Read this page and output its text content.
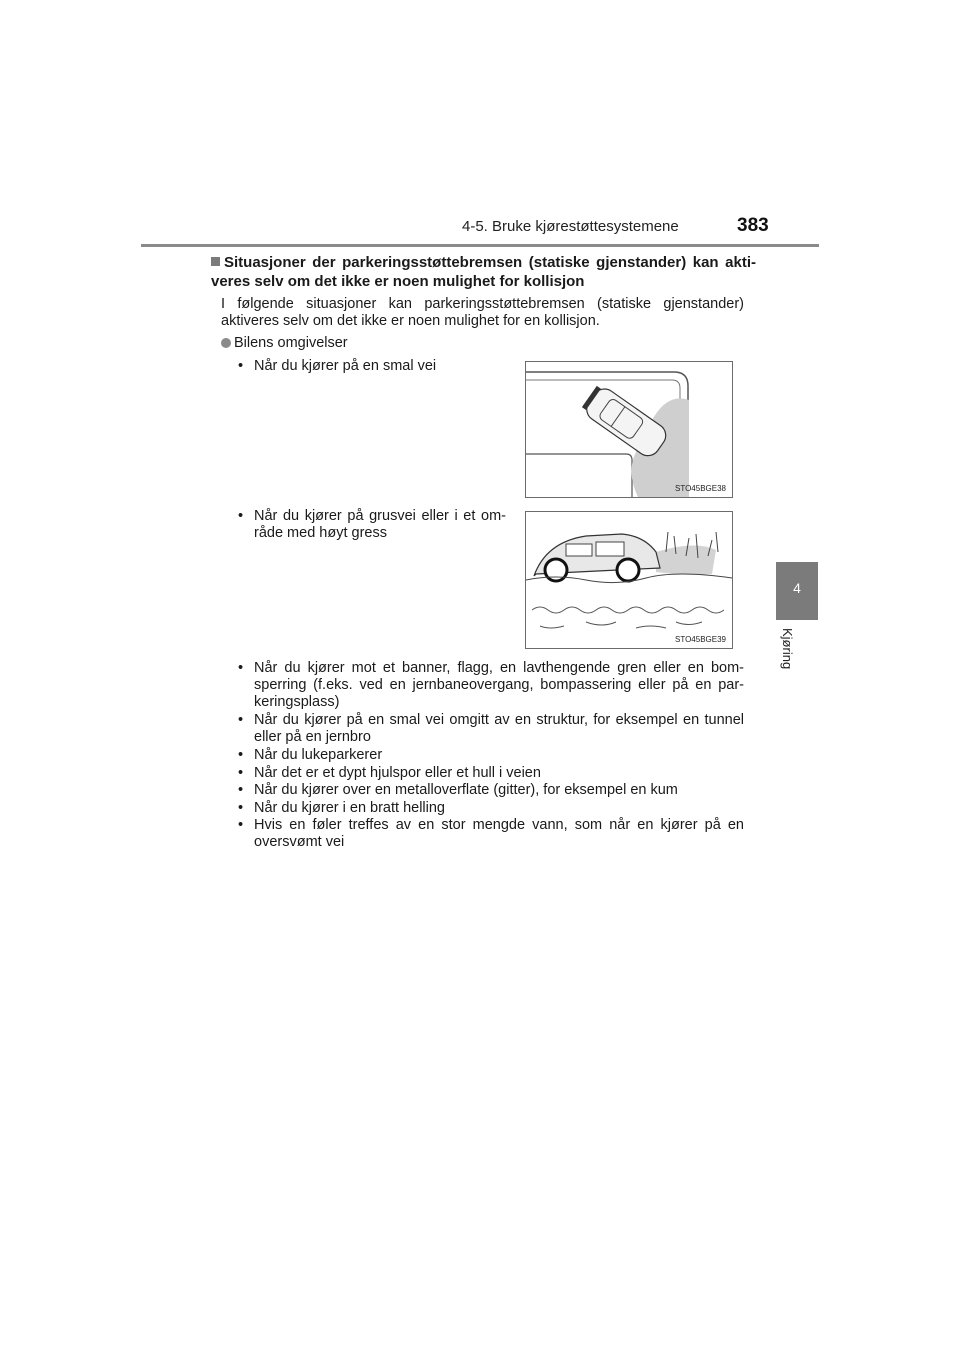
4-5. Bruke kjørestøttesystemene	383
4
Kjøring
Situasjoner der parkeringsstøttebremsen (statiske gjenstander) kan aktiveres selv om det ikke er noen mulighet for kollisjon
I følgende situasjoner kan parkeringsstøttebremsen (statiske gjenstander)
aktiveres selv om det ikke er noen mulighet for en kollisjon.
Bilens omgivelser
• Når du kjører på en smal vei
STO45BGE38
• Når du kjører på grusvei eller i et område med høyt gress
STO45BGE39
• Når du kjører mot et banner, flagg, en lavthengende gren eller en bomsperring (f.eks. ved en jernbaneovergang, bompassering eller på en parkeringsplass)
• Når du kjører på en smal vei omgitt av en struktur, for eksempel en tunnel eller på en jernbro
• Når du lukeparkerer
• Når det er et dypt hjulspor eller et hull i veien
• Når du kjører over en metalloverflate (gitter), for eksempel en kum
• Når du kjører i en bratt helling
• Hvis en føler treffes av en stor mengde vann, som når en kjører på en oversvømt vei
